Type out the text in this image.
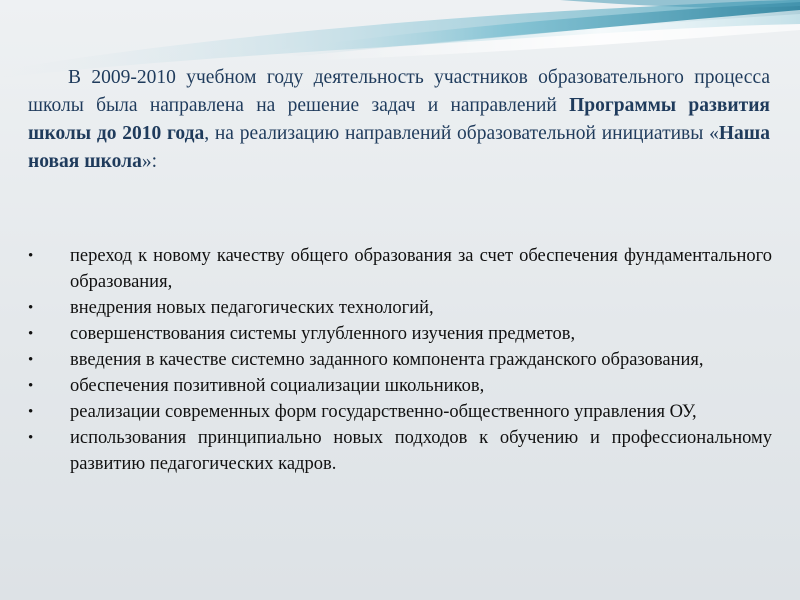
В 2009-2010 учебном году деятельность участников образовательного процесса школы была направлена на решение задач и направлений Программы развития школы до 2010 года, на реализацию направлений образовательной инициативы «Наша новая школа»:

•	переход к новому качеству общего образования за счет обеспечения фундаментального образования,
•	внедрения новых педагогических технологий,
•	совершенствования системы углубленного изучения предметов,
•	введения в качестве системно заданного компонента гражданского образования,
•	обеспечения позитивной социализации школьников,
•	реализации современных форм государственно-общественного управления ОУ,
•	использования принципиально новых подходов к обучению и профессиональному развитию педагогических кадров.
